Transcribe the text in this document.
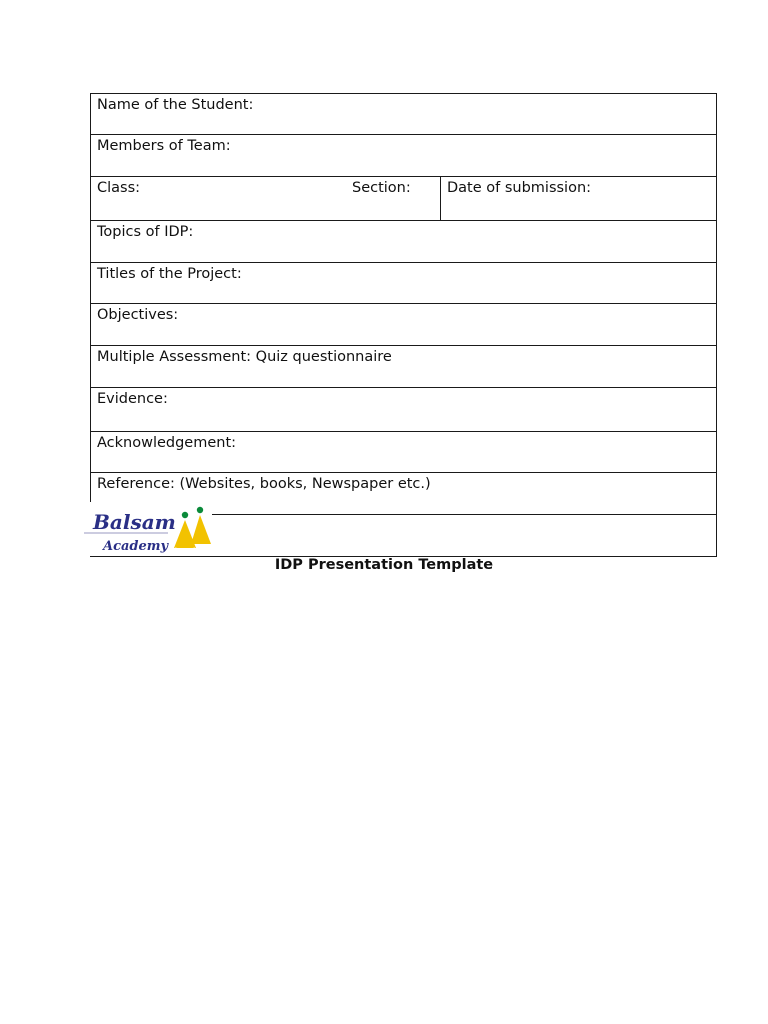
Name of the Student:
Members of Team:
Class:	Section:	Date of submission:
Topics of IDP:
Titles of the Project:
Objectives:
Multiple Assessment: Quiz questionnaire
Evidence:
Acknowledgement:
Reference: (Websites, books, Newspaper etc.)

Balsam
Academy
IDP Presentation Template
